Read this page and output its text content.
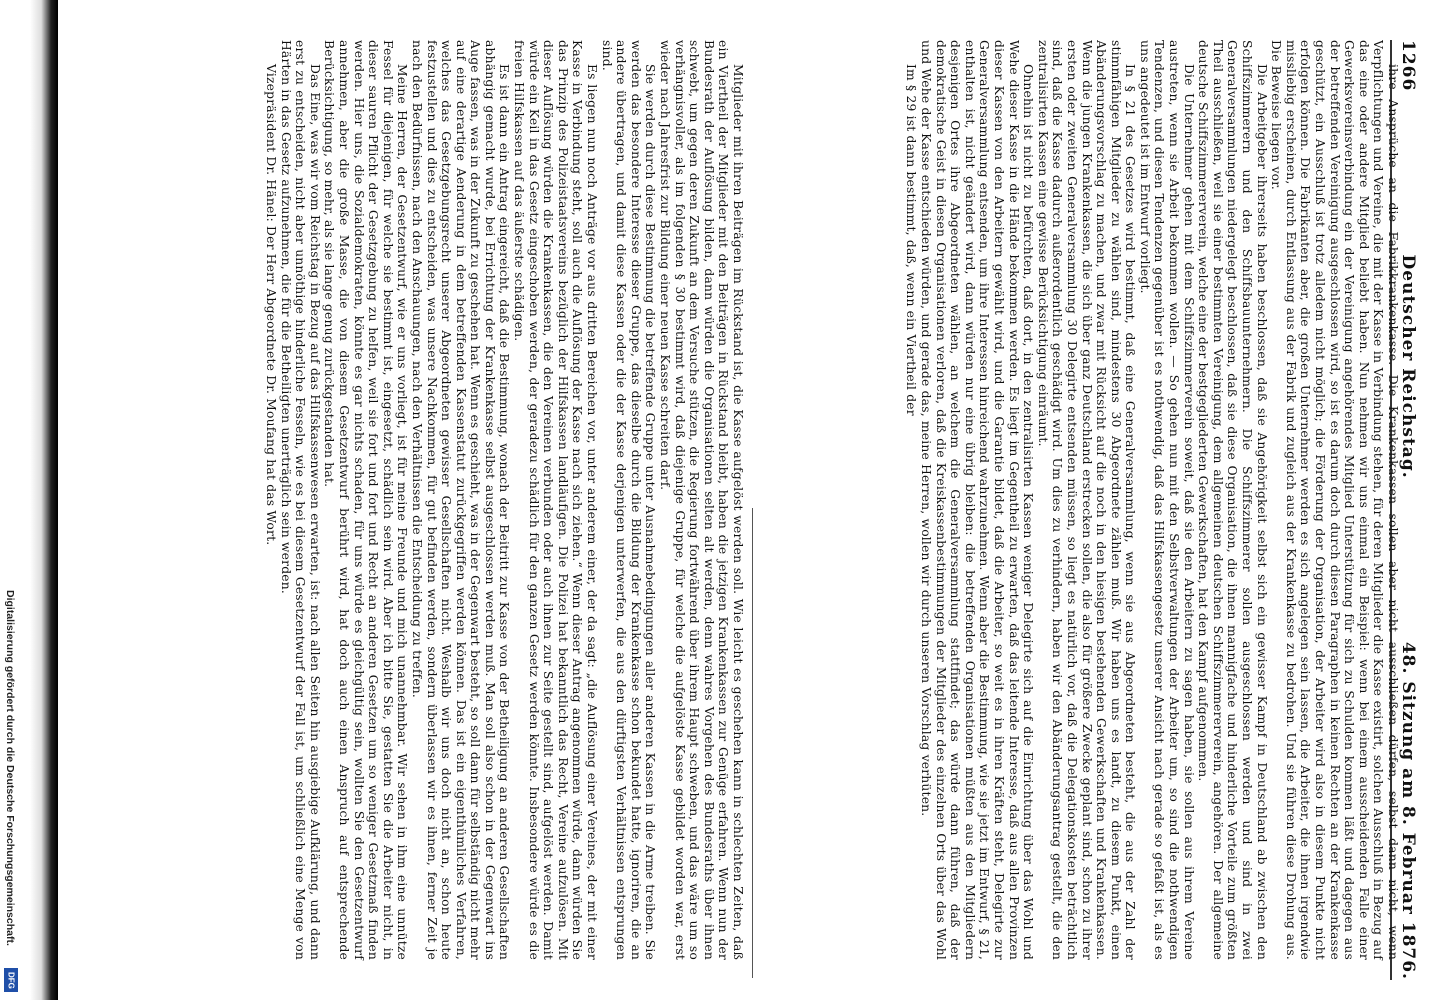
1266
Deutscher Reichstag.
48. Sitzung am 8. Februar 1876.

ihre Ansprüche an die Fabrikkrankenkasse. Die Krankenkassen sollen aber nicht ausschließen dürfen, selbst dann nicht, wenn Verpflichtungen und Vereine, die mit der Kasse in Verbindung stehen, für deren Mitglieder die Kasse existirt, solchen Ausschluß in Bezug auf das eine oder andere Mitglied beliebt haben. Nun nehmen wir uns einmal ein Beispiel: wenn bei einem ausscheidenden Falle einer Gewerksvereinsverbindung ein der Vereinigung angehörendes Mitglied Unterstützung für sich zu Schulden kommen läßt und dagegen aus der betreffenden Vereinigung ausgeschlossen wird, so ist es darum doch durch diesen Paragraphen in keinen Rechten an der Krankenkasse geschützt, ein Ausschluß ist trotz alledem nicht möglich; die Förderung der Organisation, der Arbeiter wird also in diesem Punkte nicht erfolgen können. Die Fabrikanten aber, die großen Unternehmer werden es sich angelegen sein lassen, die Arbeiter, die ihnen irgendwie missliebig erscheinen, durch Entlassung aus der Fabrik und zugleich aus der Krankenkasse zu bedrohen. Und sie führen diese Drohung aus. Die Beweise liegen vor.

Die Arbeitgeber ihrerseits haben beschlossen, daß sie Angehörigkeit selbst sich ein gewisser Kampf in Deutschland ab zwischen den Schiffszimmerern und den Schiffsbauunternehmern. Die Schiffszimmerer sollen ausgeschlossen werden und sind in zwei Generalversammlungen niedergelegt beschlossen, daß sie diese Organisation, die ihnen mannigfache und hinderliche Vorteile zum größten Theil ausschließen, weil sie einer bestimmten Vereinigung, dem allgemeinen deutschen Schiffszimmererverein, angehören. Der allgemeine deutsche Schiffszimmererverein, welche eine der bestgegliederten Gewerkschaften, hat den Kampf aufgenommen.

Die Unternehmer gehen mit dem Schiffszimmerverein soweit, daß sie den Arbeitern zu sagen haben, sie sollen aus ihrem Vereine austreten, wenn sie Arbeit bekommen wollen. — So gehen nun mit den Selbstverwaltungen der Arbeiter um, so sind die nothwendigen Tendenzen, und diesen Tendenzen gegenüber ist es nothwendig, daß das Hilfskassengesetz unserer Ansicht nach gerade so gefaßt ist, als es uns angedeutet ist im Entwurf vorliegt.

In § 21 des Gesetzes wird bestimmt, daß eine Generalversammlung, wenn sie aus Abgeordneten besteht, die aus der Zahl der stimmfähigen Mitglieder zu wählen sind, mindestens 30 Abgeordnete zählen muß. Wir haben uns es landt, zu diesem Punkt, einen Abänderungsvorschlag zu machen, und zwar mit Rücksicht auf die noch in den hiesigen bestehenden Gewerkschaften und Krankenkassen. Wenn die jungen Krankenkassen, die sich über ganz Deutschland erstrecken sollen, die also für größere Zwecke geplant sind, schon zu ihrer ersten oder zweiten Generalversammlung 30 Delegirte entsenden müssen, so liegt es natürlich vor, daß die Delegationskosten beträchtlich sind, daß die Kasse dadurch außerordentlich geschädigt wird. Um dies zu verhindern, haben wir den Abänderungsantrag gestellt, die den zentralisirten Kassen eine gewisse Berücksichtigung einräumt.

Ohnehin ist nicht zu befürchten, daß dort, in den zentralisirten Kassen weniger Delegirte sich auf die Einrichtung über das Wohl und Wehe dieser Kasse in die Hände bekommen werden. Es liegt im Gegentheil zu erwarten, daß das leitende Interesse, daß aus allen Provinzen dieser Kassen von den Arbeitern gewählt wird, und die Garantie bildet, daß die Arbeiter, so weit es in ihren Kräften steht, Delegirte zur Generalversammlung entsenden, um ihre Interessen hinreichend wahrzunehmen. Wenn aber die Bestimmung, wie sie jetzt im Entwurf, § 21, enthalten ist, nicht geändert wird, dann würden nur eine übrig bleiben: die betreffenden Organisationen müßten aus den Mitgliedern desjenigen Ortes ihre Abgeordneten wählen, an welchem die Generalversammlung stattfindet; das würde dann führen, daß der demokratische Geist in diesen Organisationen verloren, daß die Kreiskassenbestimmungen der Mitglieder des einzelnen Orts über das Wohl und Wehe der Kasse entschieden würden, und gerade das, meine Herren, wollen wir durch unseren Vorschlag verhüten.

Im § 29 ist dann bestimmt, daß, wenn ein Viertheil der

Mitglieder mit ihren Beiträgen im Rückstand ist, die Kasse aufgelöst werden soll. Wie leicht es geschehen kann in schlechten Zeiten, daß ein Viertheil der Mitglieder mit den Beiträgen in Rückstand bleibt, haben die jetzigen Krankenkassen zur Genüge erfahren. Wenn nun der Bundesrath der Auflösung bilden, dann würden die Organisationen selten alt werden, denn wahres Vorgehen des Bundesraths über ihnen schwebt, um gegen deren Zukunft an dem Versuche stützen, die Regierung fortwährend über ihrem Haupt schweben, und das wäre um so verhängnisvoller, als im folgenden § 30 bestimmt wird, daß diejenige Gruppe, für welche die aufgelöste Kasse gebildet worden war, erst wieder nach Jahresfrist zur Bildung einer neuen Kasse schreiten darf.

Sie werden durch diese Bestimmung die betreffende Gruppe unter Ausnahmebedingungen aller anderen Kassen in die Arme treiben. Sie werden das besondere Interesse dieser Gruppe, das dieselbe durch die Bildung der Krankenkasse schon bekundet hatte, ignoriren, die an andere übertragen, und damit diese Kassen oder die der Kasse derjenigen unterwerfen, die aus den dürftigsten Verhältnissen entsprungen sind.

Es liegen nun noch Anträge vor aus dritten Bereichen vor, unter anderem einer, der da sagt: „die Auflösung einer Vereines, der mit einer Kasse in Verbindung steht, soll auch die Auflösung der Kasse nach sich ziehen.“ Wenn dieser Antrag angenommen würde, dann würden Sie das Prinzip des Polizeistaatsvereins bezüglich der Hilfskassen landläufigen. Die Polizei hat bekanntlich das Recht, Vereine aufzulösen. Mit dieser Auflösung würden die Krankenkassen, die den Vereinen verbunden oder auch ihnen zur Seite gestellt sind, aufgelöst werden. Damit würde ein Keil in das Gesetz eingeschoben werden, der geradezu schädlich für den ganzen Gesetz werden könnte. Insbesondere würde es die freien Hilfskassen auf das äußerste schädigen.

Es ist dann ein Antrag eingereicht, daß die Bestimmung, wonach der Beitritt zur Kasse von der Betheiligung an anderen Gesellschaften abhängig gemacht wurde, bei Errichtung der Krankenkasse selbst ausgeschlossen werden muß. Man soll also schon in der Gegenwart ins Auge fassen, was in der Zukunft zu geschehen hat. Wenn es geschieht, was in der Gegenwart besteht, so soll dann für selbständig nicht mehr auf eine derartige Aenderung in dem betreffenden Kassenstatut zurückgegriffen werden können. Das ist ein eigenthümliches Verfahren, welches das Gesetzgebungsrecht unserer Abgeordneten gewisser Gesellschaften nicht. Weshalb wir uns doch nicht an, schon heute festzustellen und dies zu entscheiden, was unsere Nachkommen, für gut befinden werden, sondern überlassen wir es ihnen, ferner Zeit je nach den Bedürfnissen, nach den Anschauungen, nach den Verhältnissen die Entscheidung zu treffen.

Meine Herren, der Gesetzentwurf, wie er uns vorliegt, ist für meine Freunde und mich unannehmbar. Wir sehen in ihm eine unnütze Fessel für diejenigen, für welche sie bestimmt ist, eingesetzt, schädlich sein wird. Aber ich bitte Sie, gestatten Sie die Arbeiter nicht, in dieser sauren Pflicht der Gesetzgebung zu helfen, weil sie fort und fort und Recht an anderen Gesetzen um so weniger Gesetzmaß finden werden. Hier uns, die Sozialdemokraten, könnte es gar nichts schaden, für uns würde es gleichgültig sein, wollten Sie den Gesetzentwurf annehmen, aber die große Masse, die von diesem Gesetzentwurf berührt wird, hat doch auch einen Anspruch auf entsprechende Berücksichtigung, so mehr, als sie lange genug zurückgestanden hat.

Das Eine, was wir vom Reichstag in Bezug auf das Hilfskassenwesen erwarten, ist: nach allen Seiten hin ausgiebige Aufklärung, und dann erst zu entscheiden, nicht aber unnöthige hinderliche Fesseln, wie es bei diesem Gesetzentwurf der Fall ist, um schließlich eine Menge von Härten in das Gesetz aufzunehmen, die für die Betheiligten unerträglich sein werden.

Vizepräsident Dr. Hänel: Der Herr Abgeordnete Dr. Moufang hat das Wort.

Digitalisierung gefördert durch die Deutsche Forschungsgemeinschaft.
DFG
